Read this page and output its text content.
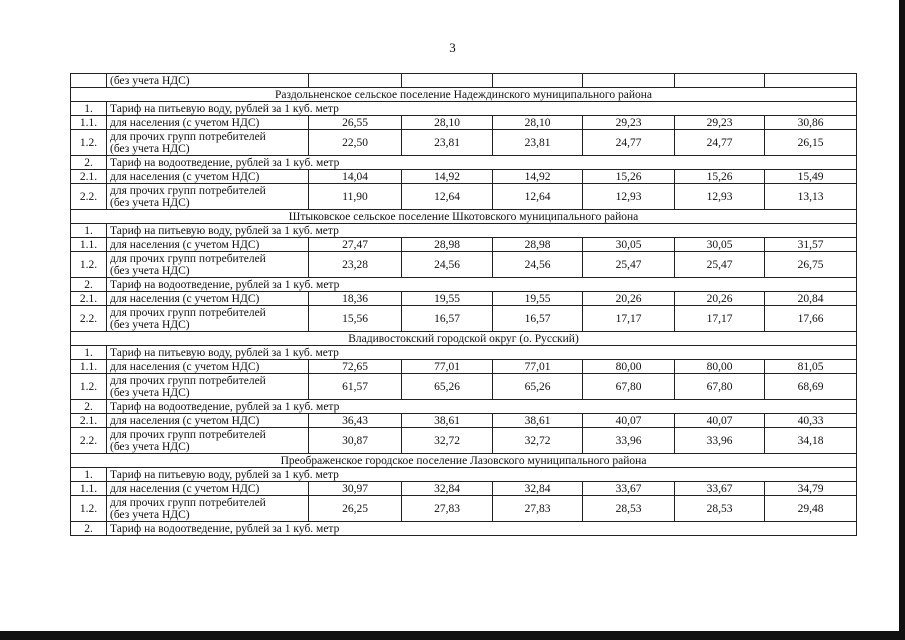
3
	(без учета НДС)						
Раздольненское сельское поселение Надеждинского муниципального района							
1.	Тариф на питьевую воду, рублей за 1 куб. метр						
1.1.	для населения (с учетом НДС)	26,55	28,10	28,10	29,23	29,23	30,86
1.2.	для прочих групп потребителей
(без учета НДС)	22,50	23,81	23,81	24,77	24,77	26,15
2.	Тариф на водоотведение, рублей за 1 куб. метр						
2.1.	для населения (с учетом НДС)	14,04	14,92	14,92	15,26	15,26	15,49
2.2.	для прочих групп потребителей
(без учета НДС)	11,90	12,64	12,64	12,93	12,93	13,13
Штыковское сельское поселение Шкотовского муниципального района							
1.	Тариф на питьевую воду, рублей за 1 куб. метр						
1.1.	для населения (с учетом НДС)	27,47	28,98	28,98	30,05	30,05	31,57
1.2.	для прочих групп потребителей
(без учета НДС)	23,28	24,56	24,56	25,47	25,47	26,75
2.	Тариф на водоотведение, рублей за 1 куб. метр						
2.1.	для населения (с учетом НДС)	18,36	19,55	19,55	20,26	20,26	20,84
2.2.	для прочих групп потребителей
(без учета НДС)	15,56	16,57	16,57	17,17	17,17	17,66
Владивостокский городской округ (о. Русский)							
1.	Тариф на питьевую воду, рублей за 1 куб. метр						
1.1.	для населения (с учетом НДС)	72,65	77,01	77,01	80,00	80,00	81,05
1.2.	для прочих групп потребителей
(без учета НДС)	61,57	65,26	65,26	67,80	67,80	68,69
2.	Тариф на водоотведение, рублей за 1 куб. метр						
2.1.	для населения (с учетом НДС)	36,43	38,61	38,61	40,07	40,07	40,33
2.2.	для прочих групп потребителей
(без учета НДС)	30,87	32,72	32,72	33,96	33,96	34,18
Преображенское городское поселение Лазовского муниципального района							
1.	Тариф на питьевую воду, рублей за 1 куб. метр						
1.1.	для населения (с учетом НДС)	30,97	32,84	32,84	33,67	33,67	34,79
1.2.	для прочих групп потребителей
(без учета НДС)	26,25	27,83	27,83	28,53	28,53	29,48
2.	Тариф на водоотведение, рублей за 1 куб. метр						
